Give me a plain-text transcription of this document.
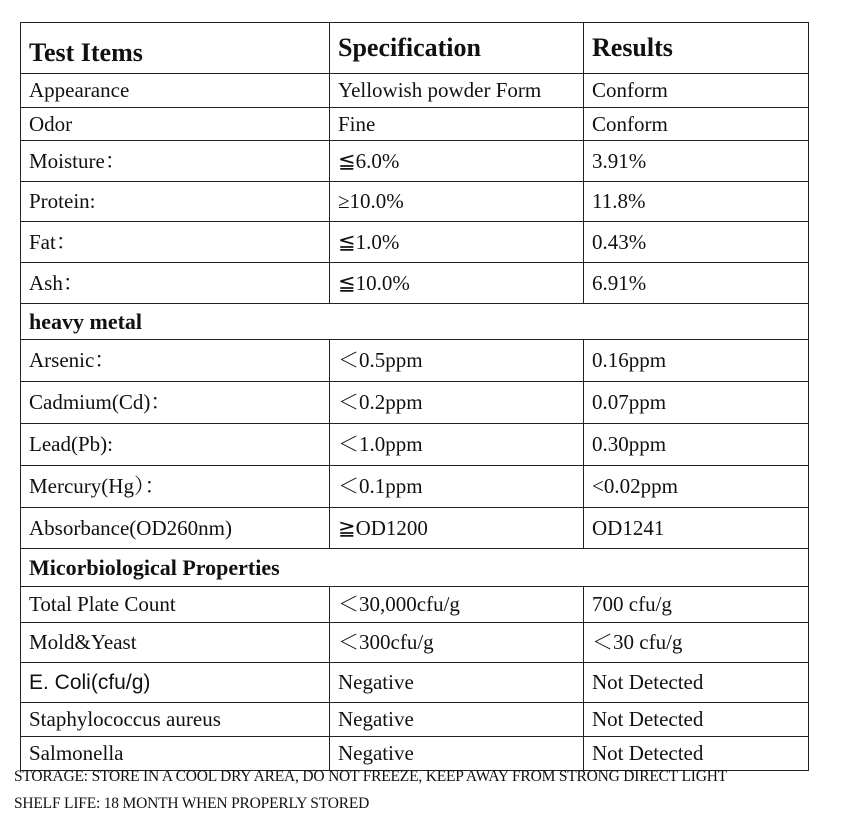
Test Items	Specification	Results
Appearance	Yellowish powder Form	Conform
Odor	Fine	Conform
Moisture：	≦6.0%	3.91%
Protein:	≥10.0%	11.8%
Fat：	≦1.0%	0.43%
Ash：	≦10.0%	6.91%
heavy metal		
Arsenic：	＜0.5ppm	0.16ppm
Cadmium(Cd)：	＜0.2ppm	0.07ppm
Lead(Pb):	＜1.0ppm	0.30ppm
Mercury(Hg）：	＜0.1ppm	<0.02ppm
Absorbance(OD260nm)	≧OD1200	OD1241
Micorbiological Properties		
Total Plate Count	＜30,000cfu/g	700 cfu/g
Mold&Yeast	＜300cfu/g	＜30 cfu/g
E. Coli(cfu/g)	Negative	Not Detected
Staphylococcus aureus	Negative	Not Detected
Salmonella	Negative	Not Detected
STORAGE: STORE IN A COOL DRY AREA, DO NOT FREEZE, KEEP AWAY FROM STRONG DIRECT LIGHT
SHELF LIFE: 18 MONTH WHEN PROPERLY STORED
